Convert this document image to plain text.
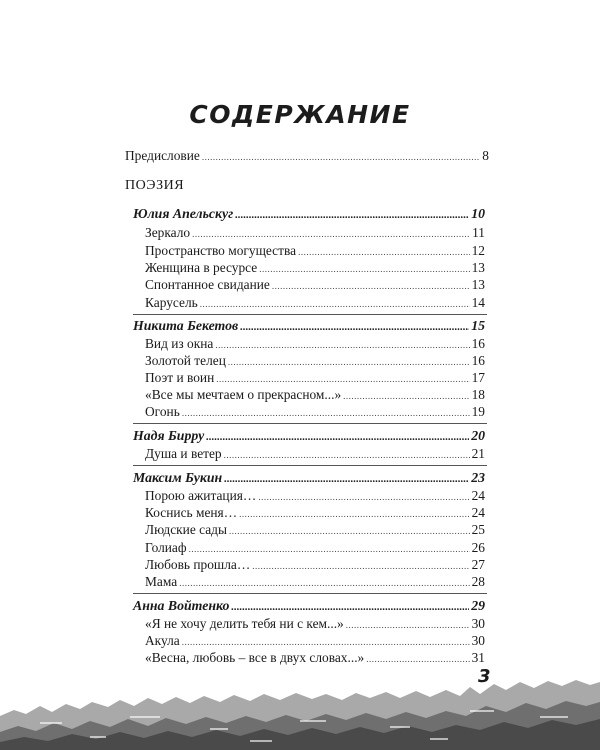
СОДЕРЖАНИЕ
Предисловие .....	8
ПОЭЗИЯ
Юлия Апельскуг .....	10
Зеркало .....	11
Пространство могущества .....	12
Женщина в ресурсе .....	13
Спонтанное свидание .....	13
Карусель .....	14
Никита Бекетов .....	15
Вид из окна .....	16
Золотой телец .....	16
Поэт и воин .....	17
«Все мы мечтаем о прекрасном...» .....	18
Огонь .....	19
Надя Бирру .....	20
Душа и ветер .....	21
Максим Букин .....	23
Порою ажитация… .....	24
Коснись меня… .....	24
Людские сады .....	25
Голиаф .....	26
Любовь прошла… .....	27
Мама .....	28
Анна Войтенко .....	29
«Я не хочу делить тебя ни с кем...» .....	30
Акула .....	30
«Весна, любовь – все в двух словах...» .....	31
3
